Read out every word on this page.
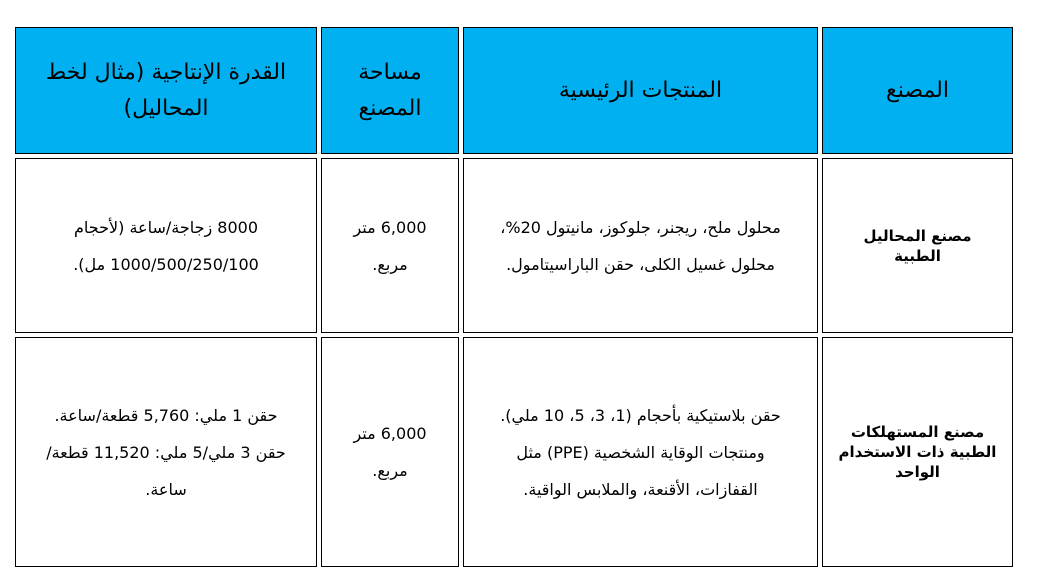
المصنع
المنتجات الرئيسية
مساحة المصنع
القدرة الإنتاجية (مثال لخط المحاليل)
مصنع المحاليل الطبية
محلول ملح، ريجنر، جلوكوز، مانيتول 20%، محلول غسيل الكلى، حقن الباراسيتامول.
6,000 متر مربع.
8000 زجاجة/ساعة (لأحجام 1000/500/250/100 مل).
مصنع المستهلكات الطبية ذات الاستخدام الواحد
حقن بلاستيكية بأحجام (1، 3، 5، 10 ملي). ومنتجات الوقاية الشخصية (PPE) مثل القفازات، الأقنعة، والملابس الواقية.
6,000 متر مربع.
حقن 1 ملي: 5,760 قطعة/ساعة. حقن 3 ملي/5 ملي: 11,520 قطعة/ساعة.
